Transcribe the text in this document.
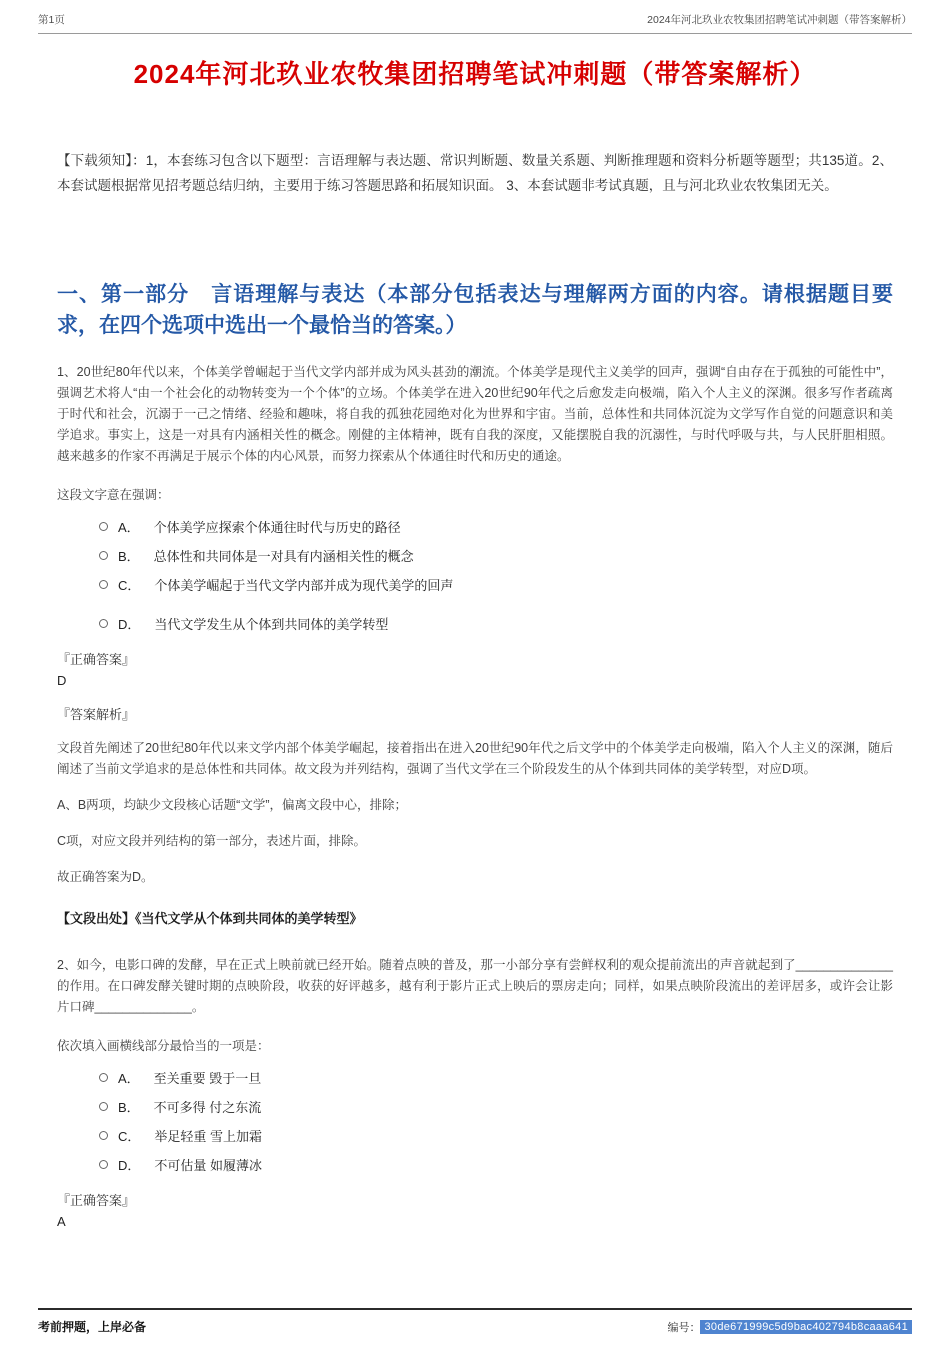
第1页	2024年河北玖业农牧集团招聘笔试冲刺题（带答案解析）
2024年河北玖业农牧集团招聘笔试冲刺题（带答案解析）

【下载须知】：1，本套练习包含以下题型：言语理解与表达题、常识判断题、数量关系题、判断推理题和资料分析题等题型；共135道。2、本套试题根据常见招考题总结归纳，主要用于练习答题思路和拓展知识面。 3、本套试题非考试真题，且与河北玖业农牧集团无关。

一、第一部分　言语理解与表达（本部分包括表达与理解两方面的内容。请根据题目要求，在四个选项中选出一个最恰当的答案。）

1、20世纪80年代以来，个体美学曾崛起于当代文学内部并成为风头甚劲的潮流。个体美学是现代主义美学的回声，强调“自由存在于孤独的可能性中”，强调艺术将人“由一个社会化的动物转变为一个个体”的立场。个体美学在进入20世纪90年代之后愈发走向极端，陷入个人主义的深渊。很多写作者疏离于时代和社会，沉溺于一己之情绪、经验和趣味，将自我的孤独花园绝对化为世界和宇宙。当前，总体性和共同体沉淀为文学写作自觉的问题意识和美学追求。事实上，这是一对具有内涵相关性的概念。刚健的主体精神，既有自我的深度，又能摆脱自我的沉溺性，与时代呼吸与共，与人民肝胆相照。越来越多的作家不再满足于展示个体的内心风景，而努力探索从个体通往时代和历史的通途。

这段文字意在强调：

A． 个体美学应探索个体通往时代与历史的路径
B． 总体性和共同体是一对具有内涵相关性的概念
C． 个体美学崛起于当代文学内部并成为现代美学的回声
D． 当代文学发生从个体到共同体的美学转型

『正确答案』

D

『答案解析』

文段首先阐述了20世纪80年代以来文学内部个体美学崛起，接着指出在进入20世纪90年代之后文学中的个体美学走向极端，陷入个人主义的深渊，随后阐述了当前文学追求的是总体性和共同体。故文段为并列结构，强调了当代文学在三个阶段发生的从个体到共同体的美学转型，对应D项。

A、B两项，均缺少文段核心话题“文学”，偏离文段中心，排除；

C项，对应文段并列结构的第一部分，表述片面，排除。

故正确答案为D。

【文段出处】《当代文学从个体到共同体的美学转型》

2、如今，电影口碑的发酵，早在正式上映前就已经开始。随着点映的普及，那一小部分享有尝鲜权利的观众提前流出的声音就起到了______________的作用。在口碑发酵关键时期的点映阶段，收获的好评越多，越有利于影片正式上映后的票房走向；同样，如果点映阶段流出的差评居多，或许会让影片口碑______________。

依次填入画横线部分最恰当的一项是：

A． 至关重要 毁于一旦
B． 不可多得 付之东流
C． 举足轻重 雪上加霜
D． 不可估量 如履薄冰

『正确答案』

A

考前押题，上岸必备	编号： 30de671999c5d9bac402794b8caaa641
